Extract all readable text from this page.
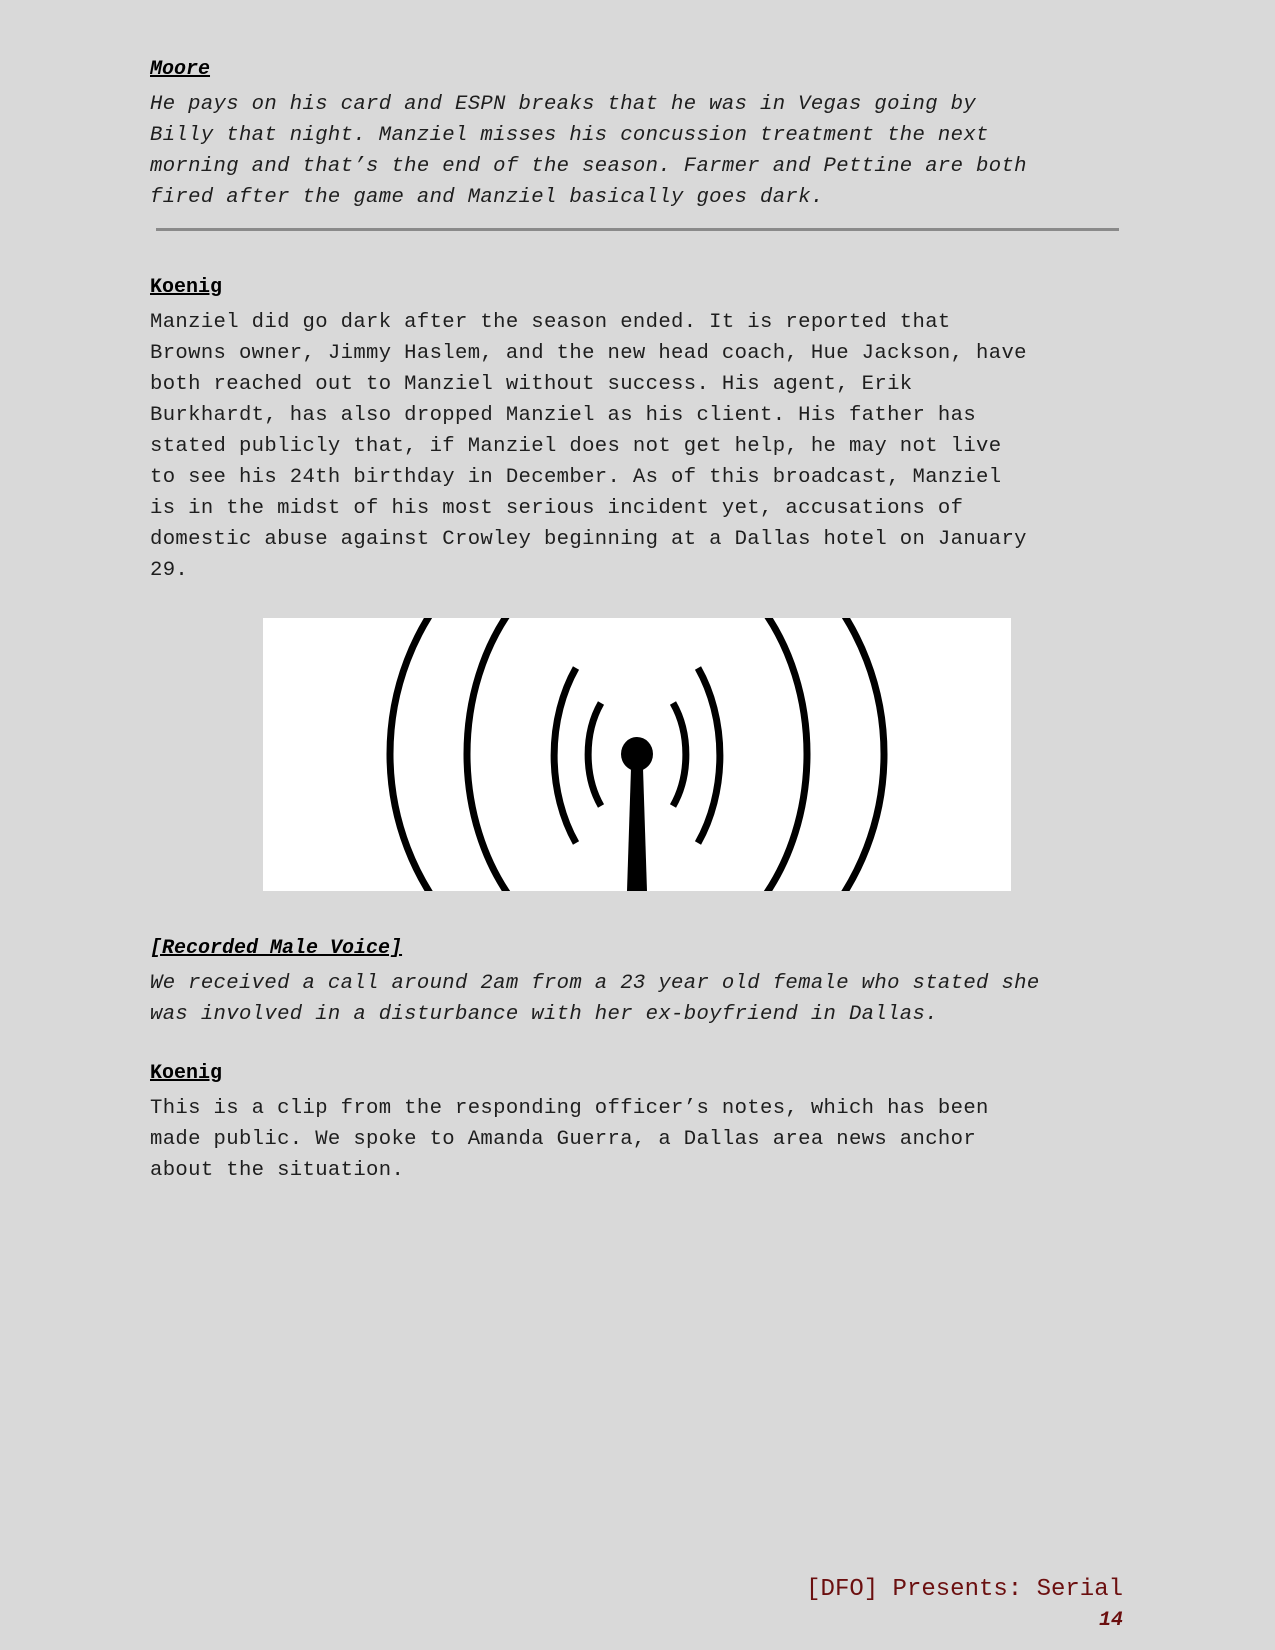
Moore
He pays on his card and ESPN breaks that he was in Vegas going by
Billy that night. Manziel misses his concussion treatment the next
morning and that’s the end of the season. Farmer and Pettine are both
fired after the game and Manziel basically goes dark.
Koenig
Manziel did go dark after the season ended. It is reported that
Browns owner, Jimmy Haslem, and the new head coach, Hue Jackson, have
both reached out to Manziel without success. His agent, Erik
Burkhardt, has also dropped Manziel as his client. His father has
stated publicly that, if Manziel does not get help, he may not live
to see his 24th birthday in December. As of this broadcast, Manziel
is in the midst of his most serious incident yet, accusations of
domestic abuse against Crowley beginning at a Dallas hotel on January
29.
[Recorded Male Voice]
We received a call around 2am from a 23 year old female who stated she
was involved in a disturbance with her ex-boyfriend in Dallas.
Koenig
This is a clip from the responding officer’s notes, which has been
made public. We spoke to Amanda Guerra, a Dallas area news anchor
about the situation.
[DFO] Presents: Serial
14
